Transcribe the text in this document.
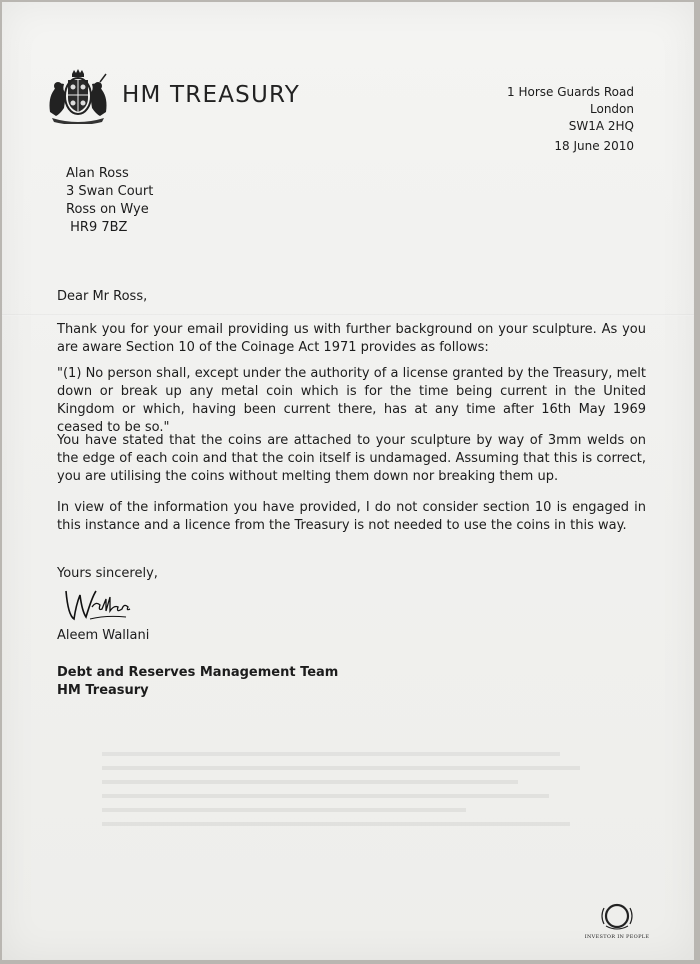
HM TREASURY	1 Horse Guards Road
London
SW1A 2HQ
18 June 2010
Alan Ross
3 Swan Court
Ross on Wye
HR9 7BZ
Dear Mr Ross,
Thank you for your email providing us with further background on your sculpture. As you are aware Section 10 of the Coinage Act 1971 provides as follows:
"(1) No person shall, except under the authority of a license granted by the Treasury, melt down or break up any metal coin which is for the time being current in the United Kingdom or which, having been current there, has at any time after 16th May 1969 ceased to be so."
You have stated that the coins are attached to your sculpture by way of 3mm welds on the edge of each coin and that the coin itself is undamaged. Assuming that this is correct, you are utilising the coins without melting them down nor breaking them up.
In view of the information you have provided, I do not consider section 10 is engaged in this instance and a licence from the Treasury is not needed to use the coins in this way.
Yours sincerely,
Aleem Wallani
Debt and Reserves Management Team
HM Treasury
INVESTOR IN PEOPLE
